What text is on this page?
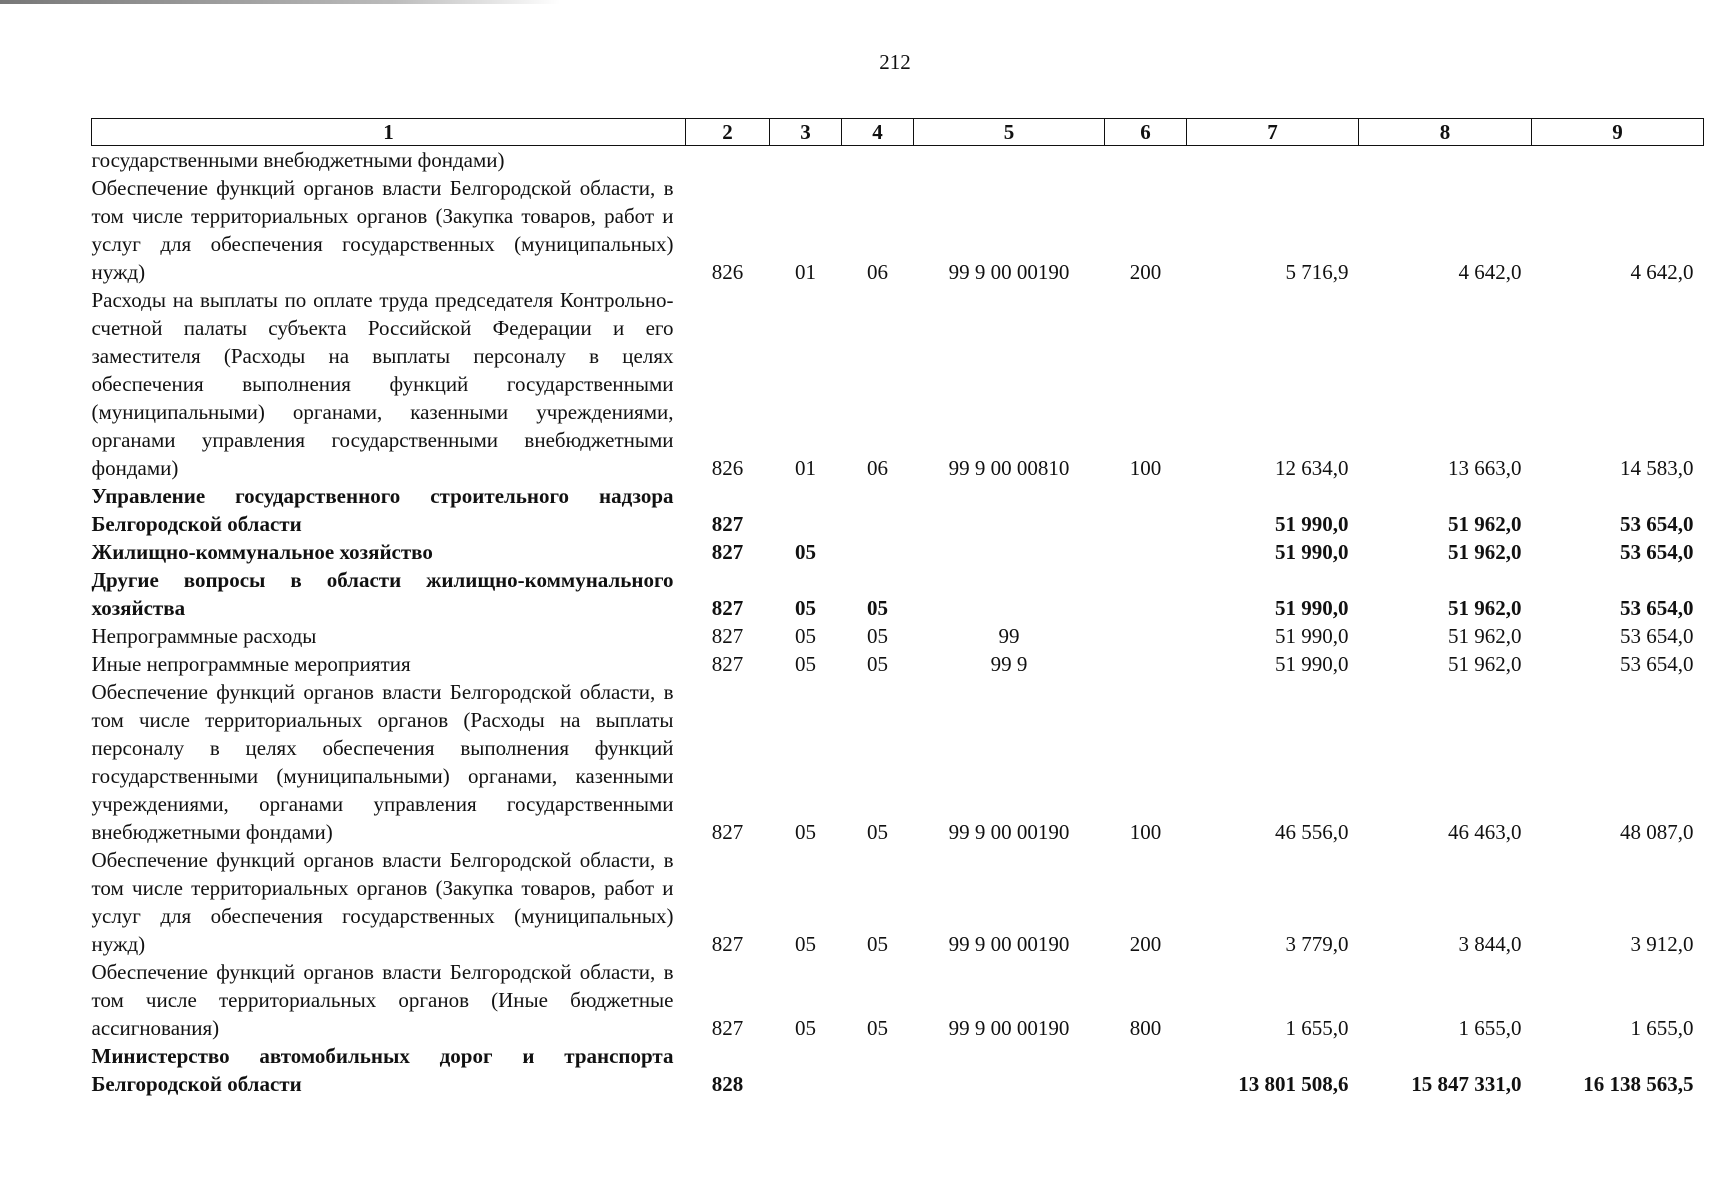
212
1	2	3	4	5	6	7	8	9
государственными внебюджетными фондами)								
Обеспечение функций органов власти Белгородской области, в том числе территориальных органов (Закупка товаров, работ и услуг для обеспечения государственных (муниципальных) нужд)	826	01	06	99 9 00 00190	200	5 716,9	4 642,0	4 642,0
Расходы на выплаты по оплате труда председателя Контрольно-счетной палаты субъекта Российской Федерации и его заместителя (Расходы на выплаты персоналу в целях обеспечения выполнения функций государственными (муниципальными) органами, казенными учреждениями, органами управления государственными внебюджетными фондами)	826	01	06	99 9 00 00810	100	12 634,0	13 663,0	14 583,0
Управление государственного строительного надзора Белгородской области	827					51 990,0	51 962,0	53 654,0
Жилищно-коммунальное хозяйство	827	05				51 990,0	51 962,0	53 654,0
Другие вопросы в области жилищно-коммунального хозяйства	827	05	05			51 990,0	51 962,0	53 654,0
Непрограммные расходы	827	05	05	99		51 990,0	51 962,0	53 654,0
Иные непрограммные мероприятия	827	05	05	99 9		51 990,0	51 962,0	53 654,0
Обеспечение функций органов власти Белгородской области, в том числе территориальных органов (Расходы на выплаты персоналу в целях обеспечения выполнения функций государственными (муниципальными) органами, казенными учреждениями, органами управления государственными внебюджетными фондами)	827	05	05	99 9 00 00190	100	46 556,0	46 463,0	48 087,0
Обеспечение функций органов власти Белгородской области, в том числе территориальных органов (Закупка товаров, работ и услуг для обеспечения государственных (муниципальных) нужд)	827	05	05	99 9 00 00190	200	3 779,0	3 844,0	3 912,0
Обеспечение функций органов власти Белгородской области, в том числе территориальных органов (Иные бюджетные ассигнования)	827	05	05	99 9 00 00190	800	1 655,0	1 655,0	1 655,0
Министерство автомобильных дорог и транспорта Белгородской области	828					13 801 508,6	15 847 331,0	16 138 563,5
